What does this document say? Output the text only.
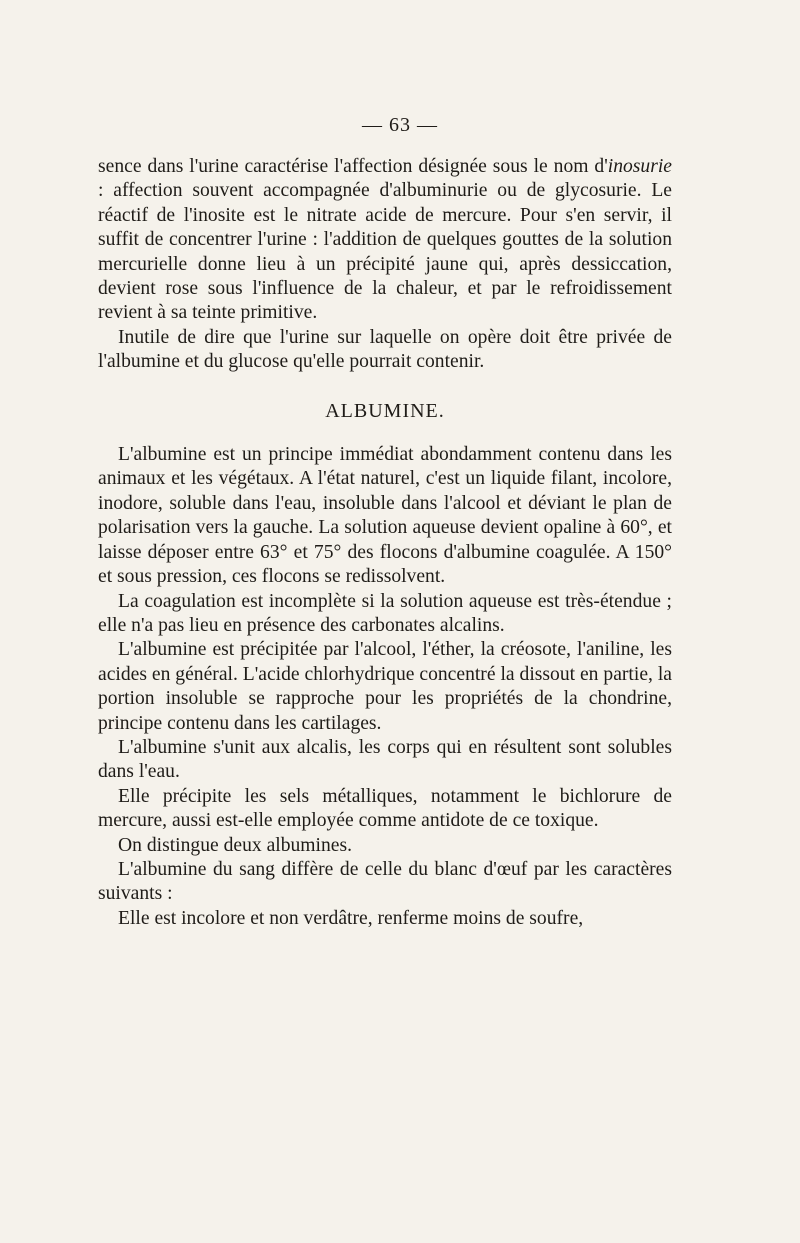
— 63 —

sence dans l'urine caractérise l'affection désignée sous le nom d'inosurie : affection souvent accompagnée d'albuminurie ou de glycosurie. Le réactif de l'inosite est le nitrate acide de mercure. Pour s'en servir, il suffit de concentrer l'urine : l'addition de quelques gouttes de la solution mercurielle donne lieu à un précipité jaune qui, après dessiccation, devient rose sous l'influence de la chaleur, et par le refroidissement revient à sa teinte primitive.

Inutile de dire que l'urine sur laquelle on opère doit être privée de l'albumine et du glucose qu'elle pourrait contenir.

ALBUMINE.

L'albumine est un principe immédiat abondamment contenu dans les animaux et les végétaux. A l'état naturel, c'est un liquide filant, incolore, inodore, soluble dans l'eau, insoluble dans l'alcool et déviant le plan de polarisation vers la gauche. La solution aqueuse devient opaline à 60°, et laisse déposer entre 63° et 75° des flocons d'albumine coagulée. A 150° et sous pression, ces flocons se redissolvent.

La coagulation est incomplète si la solution aqueuse est très-étendue ; elle n'a pas lieu en présence des carbonates alcalins.

L'albumine est précipitée par l'alcool, l'éther, la créosote, l'aniline, les acides en général. L'acide chlorhydrique concentré la dissout en partie, la portion insoluble se rapproche pour les propriétés de la chondrine, principe contenu dans les cartilages.

L'albumine s'unit aux alcalis, les corps qui en résultent sont solubles dans l'eau.

Elle précipite les sels métalliques, notamment le bichlorure de mercure, aussi est-elle employée comme antidote de ce toxique.

On distingue deux albumines.

L'albumine du sang diffère de celle du blanc d'œuf par les caractères suivants :

Elle est incolore et non verdâtre, renferme moins de soufre,
